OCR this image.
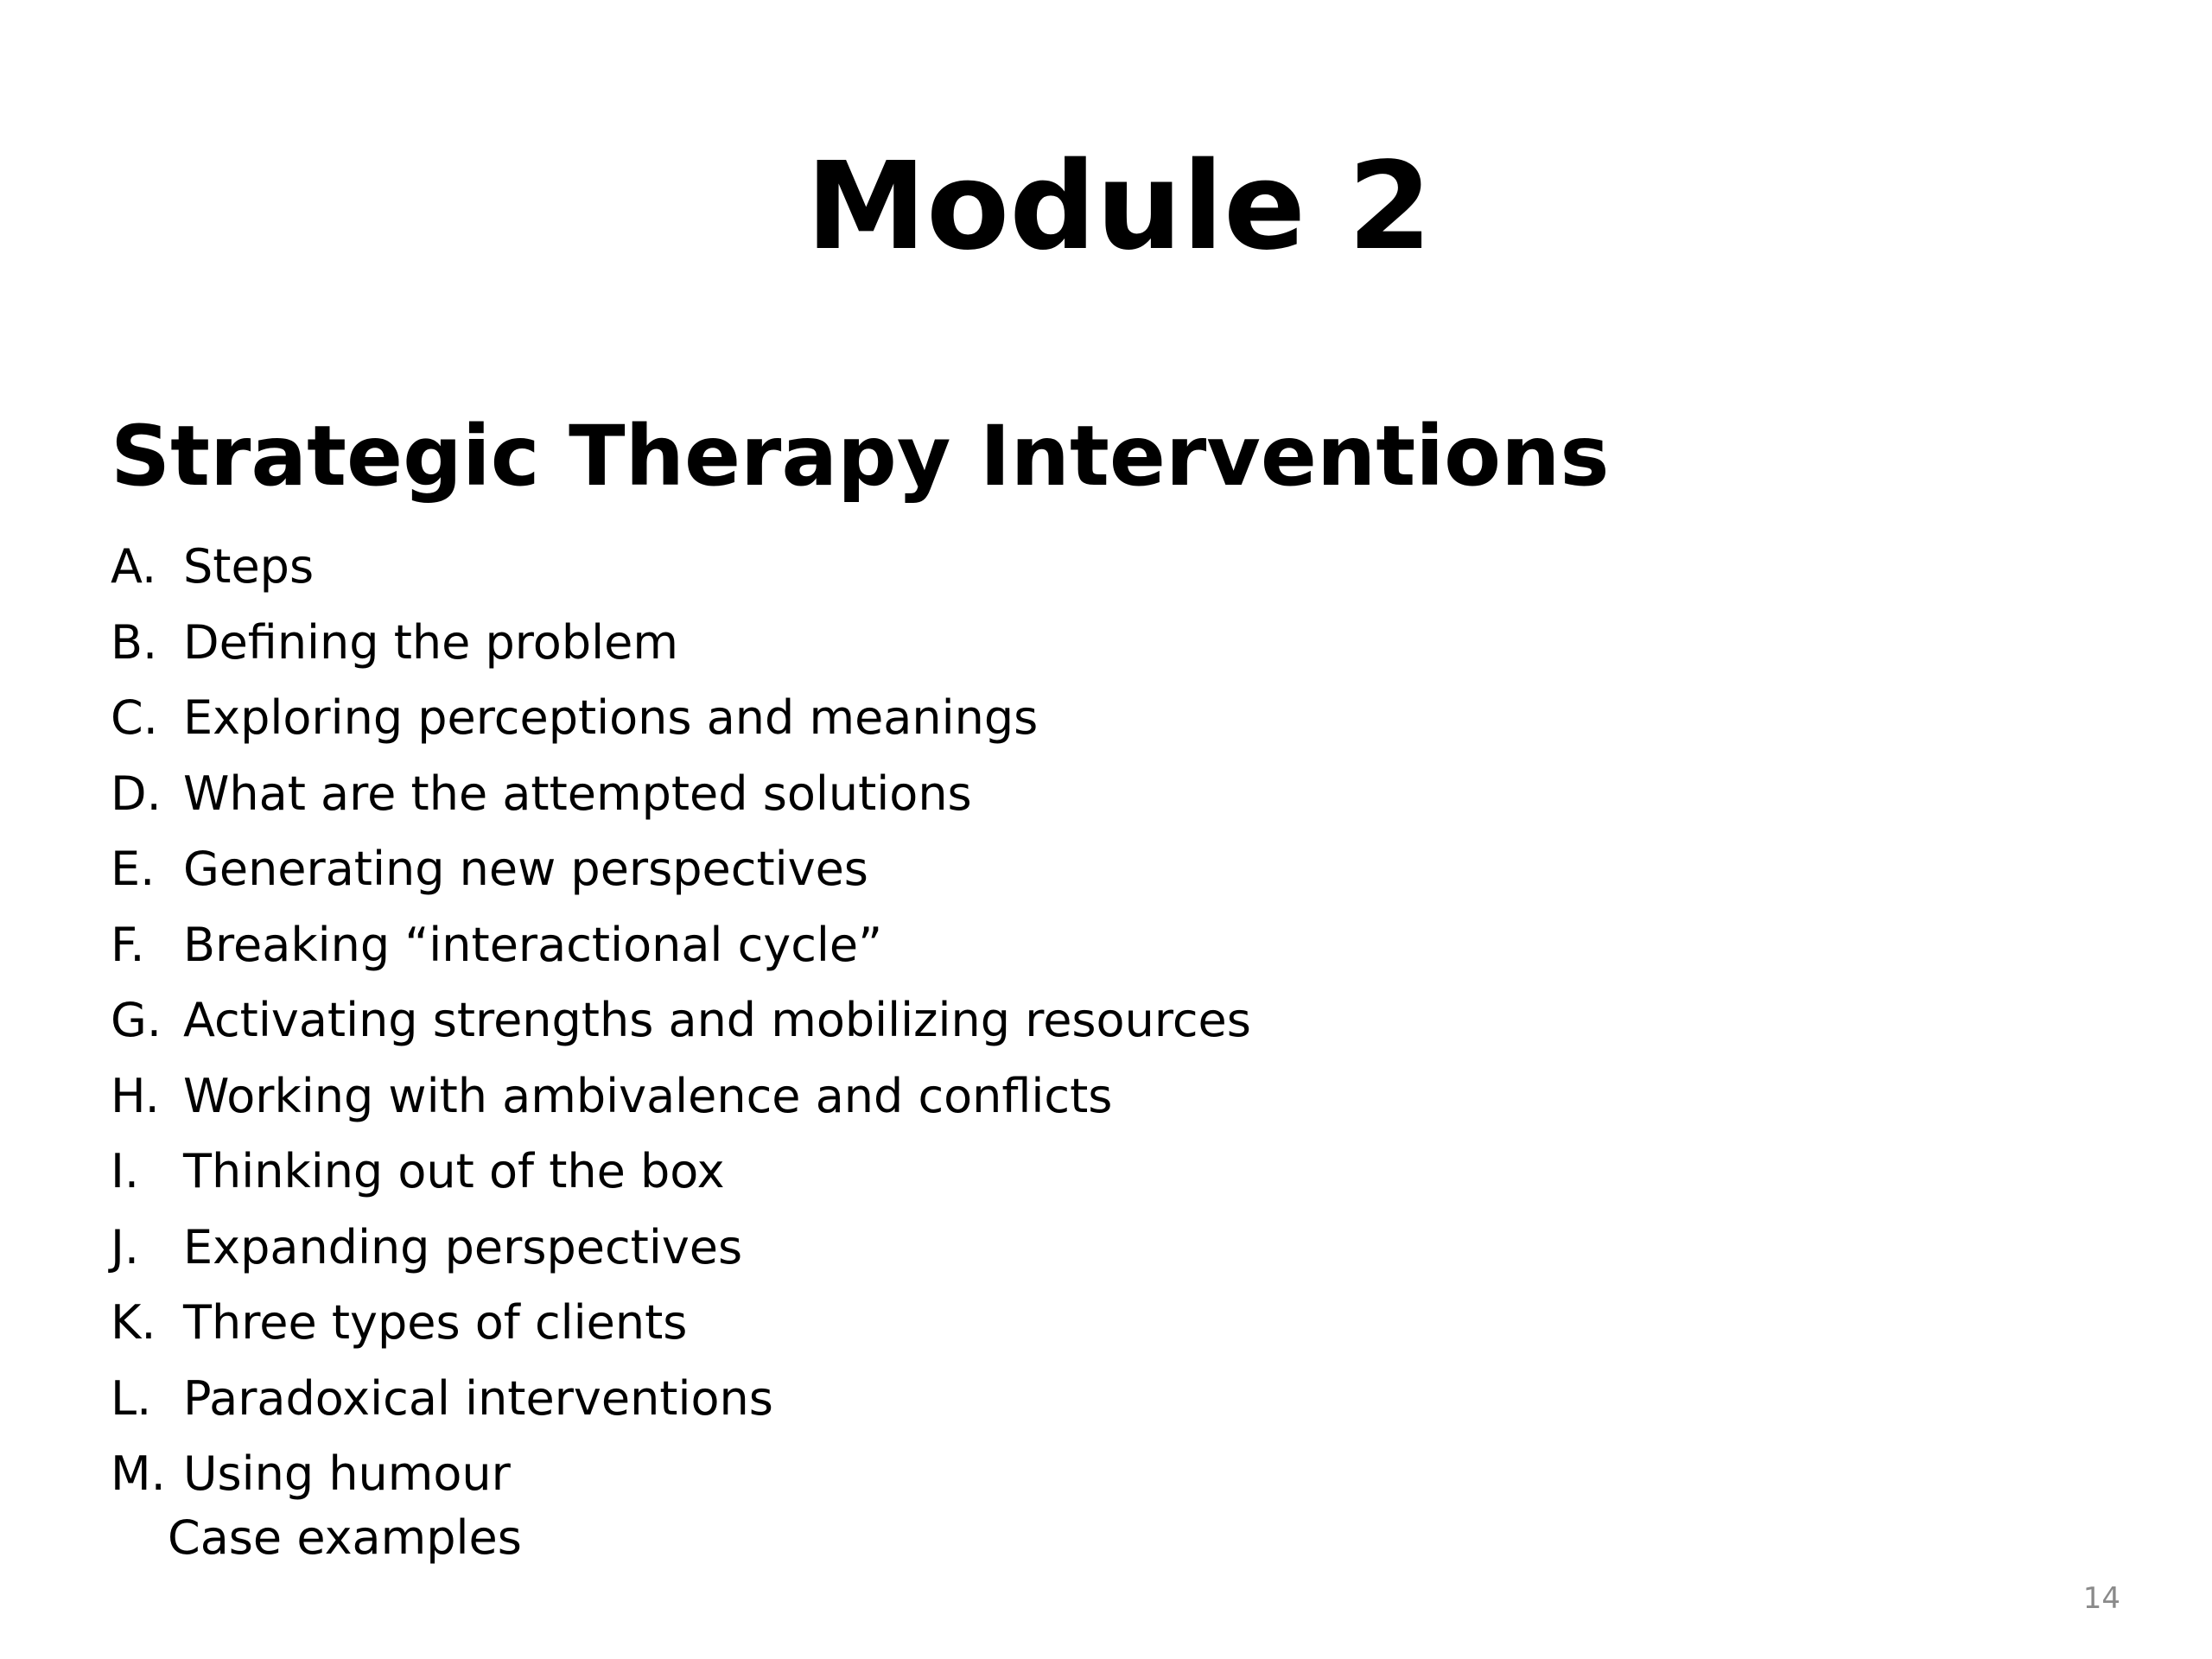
Module 2
Strategic Therapy Interventions
A. Steps
B. Defining the problem
C. Exploring perceptions and meanings
D. What are the attempted solutions
E. Generating new perspectives
F. Breaking “interactional cycle”
G. Activating strengths and mobilizing resources
H. Working with ambivalence and conflicts
I. Thinking out of the box
J. Expanding perspectives
K. Three types of clients
L. Paradoxical interventions
M. Using humour
Case examples
14
